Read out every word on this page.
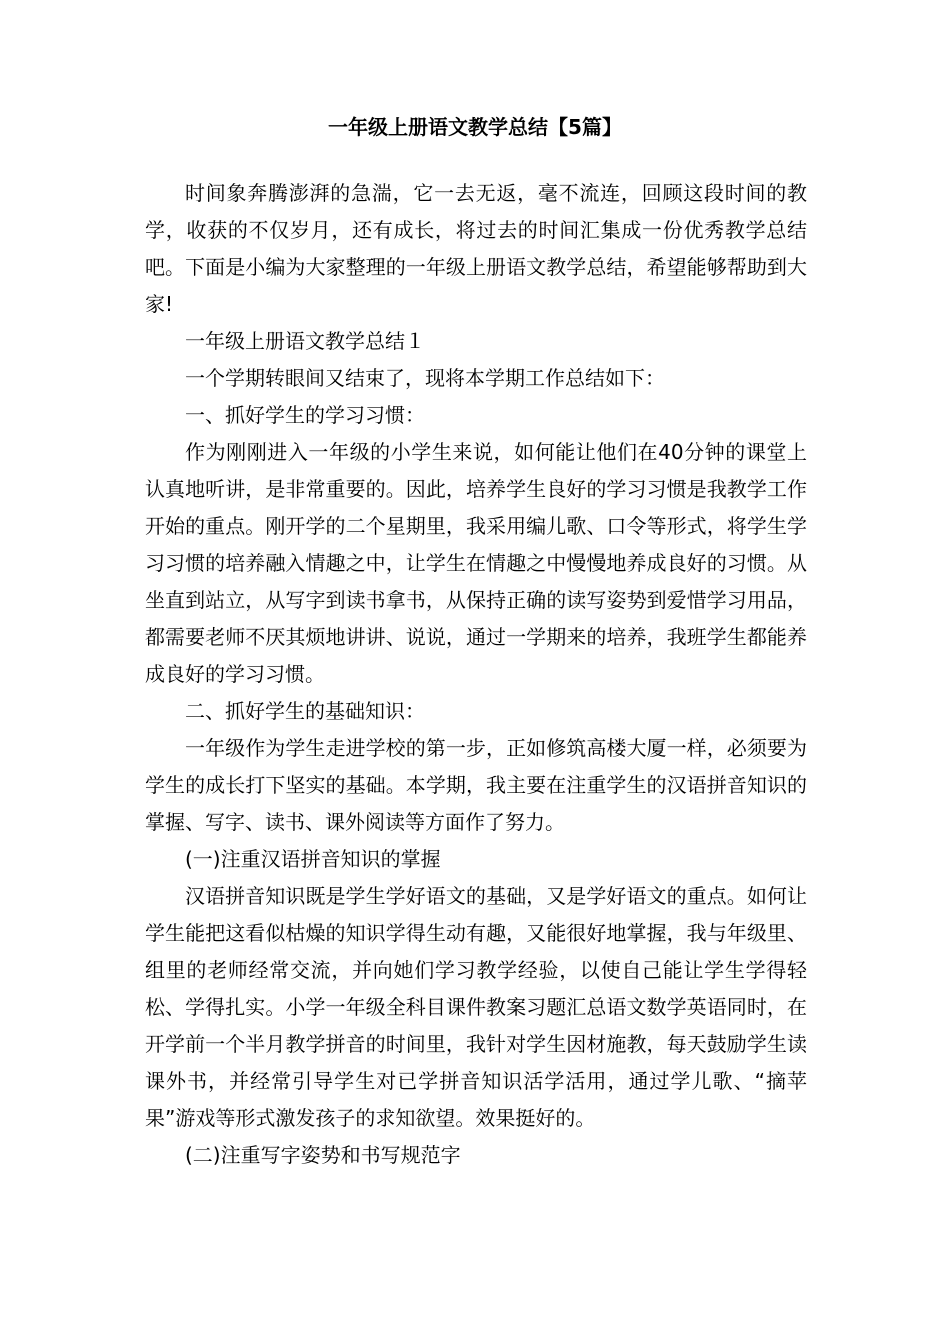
一年级上册语文教学总结【5篇】

时间象奔腾澎湃的急湍，它一去无返，毫不流连，回顾这段时间的教学，收获的不仅岁月，还有成长，将过去的时间汇集成一份优秀教学总结吧。下面是小编为大家整理的一年级上册语文教学总结，希望能够帮助到大家!

一年级上册语文教学总结１

一个学期转眼间又结束了，现将本学期工作总结如下：

一、抓好学生的学习习惯：

作为刚刚进入一年级的小学生来说，如何能让他们在40分钟的课堂上认真地听讲，是非常重要的。因此，培养学生良好的学习习惯是我教学工作开始的重点。刚开学的二个星期里，我采用编儿歌、口令等形式，将学生学习习惯的培养融入情趣之中，让学生在情趣之中慢慢地养成良好的习惯。从坐直到站立，从写字到读书拿书，从保持正确的读写姿势到爱惜学习用品，都需要老师不厌其烦地讲讲、说说，通过一学期来的培养，我班学生都能养成良好的学习习惯。

二、抓好学生的基础知识：

一年级作为学生走进学校的第一步，正如修筑高楼大厦一样，必须要为学生的成长打下坚实的基础。本学期，我主要在注重学生的汉语拼音知识的掌握、写字、读书、课外阅读等方面作了努力。

(一)注重汉语拼音知识的掌握

汉语拼音知识既是学生学好语文的基础，又是学好语文的重点。如何让学生能把这看似枯燥的知识学得生动有趣，又能很好地掌握，我与年级里、组里的老师经常交流，并向她们学习教学经验，以使自己能让学生学得轻松、学得扎实。小学一年级全科目课件教案习题汇总语文数学英语同时，在开学前一个半月教学拼音的时间里，我针对学生因材施教，每天鼓励学生读课外书，并经常引导学生对已学拼音知识活学活用，通过学儿歌、“摘苹果”游戏等形式激发孩子的求知欲望。效果挺好的。

(二)注重写字姿势和书写规范字
